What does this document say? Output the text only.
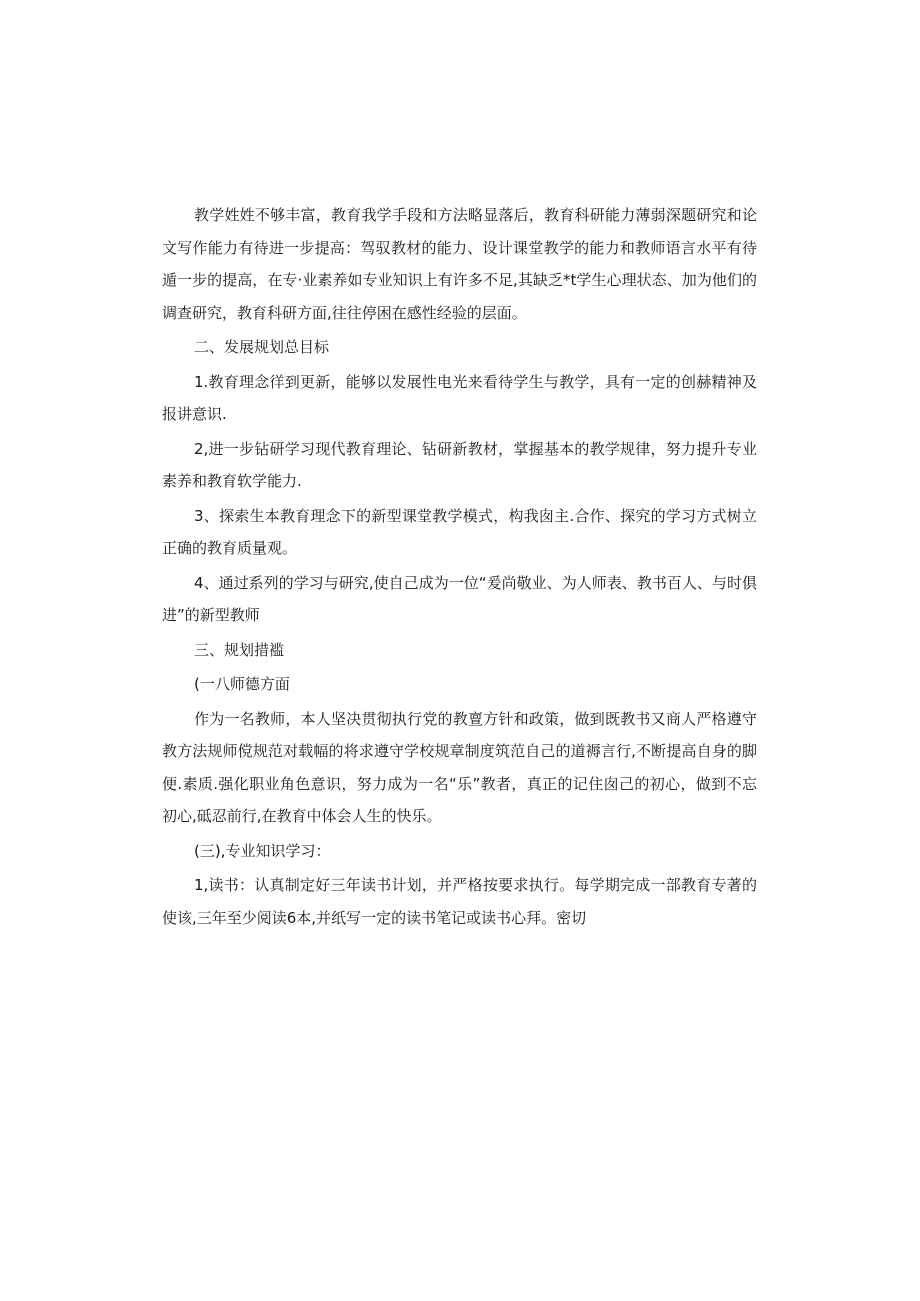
教学姓姓不够丰富，教育我学手段和方法略显落后，教育科研能力薄弱深题研究和论文写作能力有待进一步提高：驾驭教材的能力、设计课堂教学的能力和教师语言水平有待遁一步的提高，在专·业素养如专业知识上有许多不足,其缺乏*t学生心理状态、加为他们的调查研究，教育科研方面,往往停困在感性经验的层面。

二、发展规划总目标

1.教育理念徉到更新，能够以发展性电光来看待学生与教学，具有一定的创赫精神及报讲意识.

2,进一步钻研学习现代教育理论、钻研新教材，掌握基本的教学规律，努力提升专业素养和教育软学能力.

3、探索生本教育理念下的新型课堂教学模式，构我囱主.合作、探究的学习方式树立正确的教育质量观。

4、通过系列的学习与研究,使自己成为一位“爰尚敬业、为人师表、教书百人、与时俱进”的新型教师

三、规划措褴

(一八师德方面

作为一名教师，本人坚决贯彻执行党的教亶方针和政策，做到既教书又商人严格遵守教方法规师傥规范对载幅的将求遵守学校规章制度筑范自己的道褥言行,不断提高自身的脚便.素质.强化职业角色意识，努力成为一名“乐”教者，真正的记住囱己的初心，做到不忘初心,砥忍前行,在教育中体会人生的快乐。

(三),专业知识学习：

1,读书：认真制定好三年读书计划，并严格按要求执行。每学期完成一部教育专著的使该,三年至少阅读6本,并纸写一定的读书笔记或读书心拜。密切
